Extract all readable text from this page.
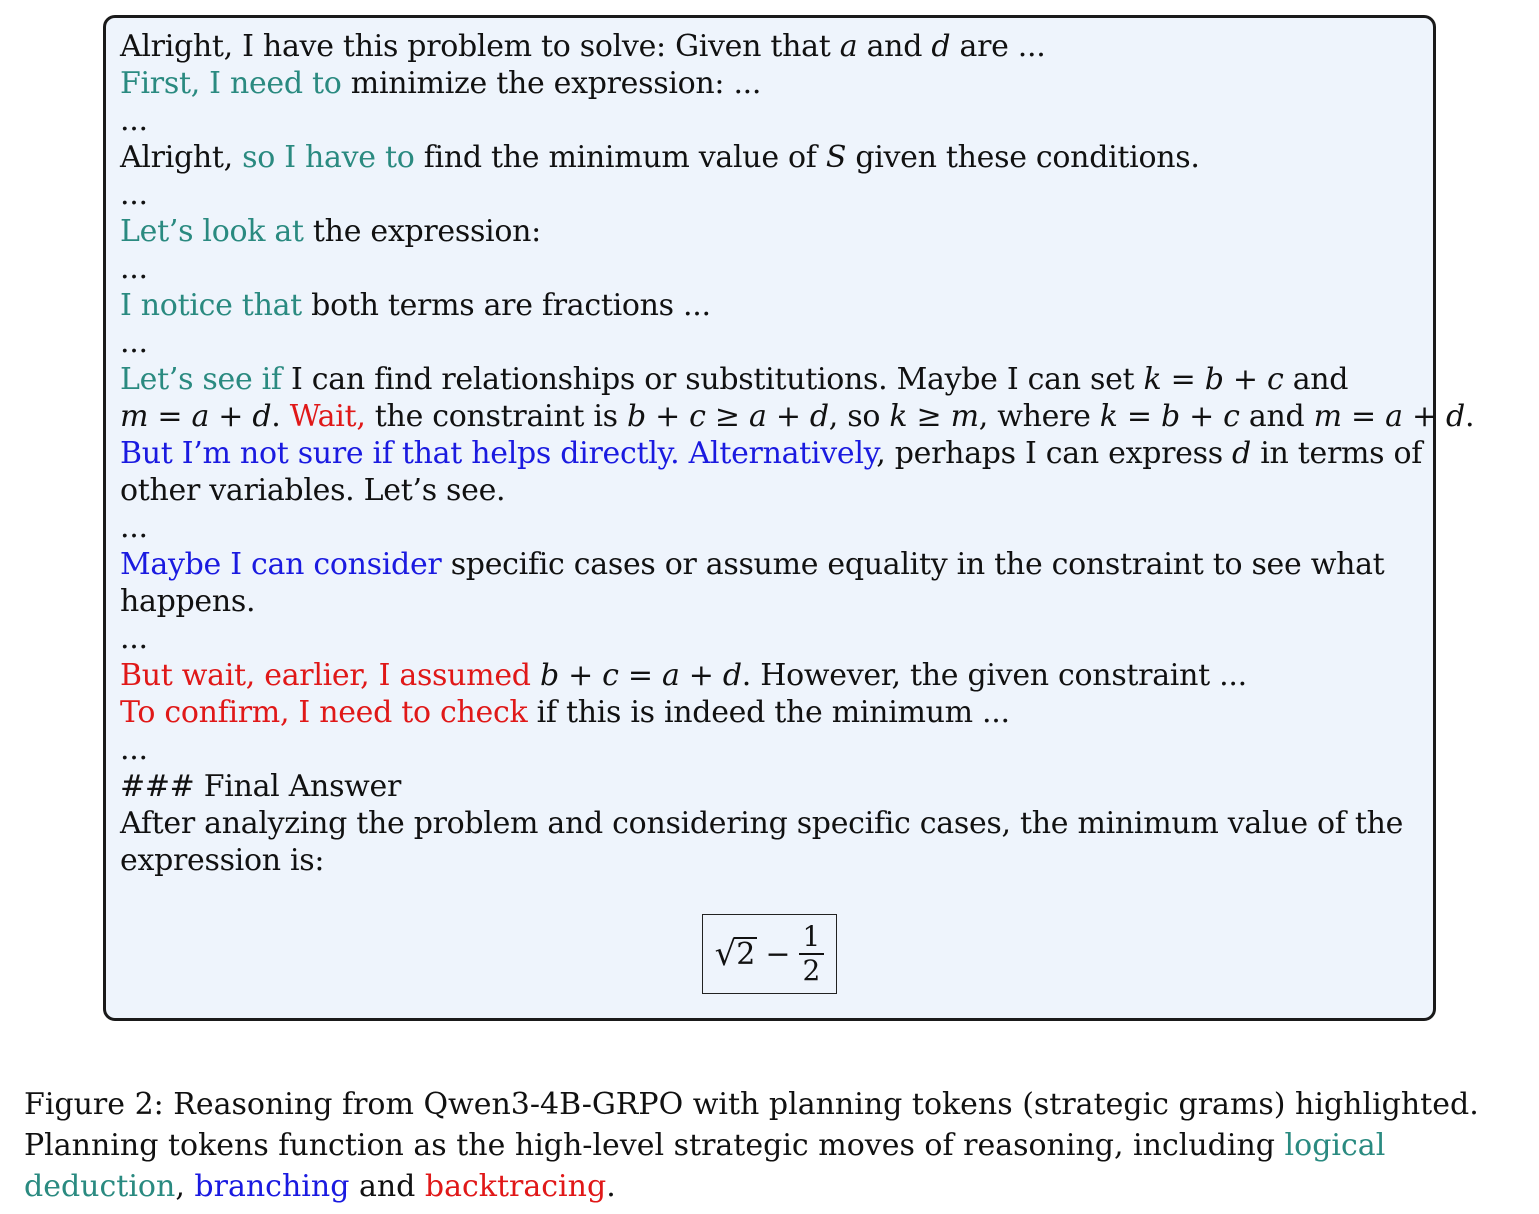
Alright, I have this problem to solve: Given that a and d are ...
First, I need to minimize the expression: ...
...
Alright, so I have to find the minimum value of S given these conditions.
...
Let’s look at the expression:
...
I notice that both terms are fractions ...
...
Let’s see if I can find relationships or substitutions. Maybe I can set k = b + c and
m = a + d. Wait, the constraint is b + c ≥ a + d, so k ≥ m, where k = b + c and m = a + d.
But I’m not sure if that helps directly. Alternatively, perhaps I can express d in terms of
other variables. Let’s see.
...
Maybe I can consider specific cases or assume equality in the constraint to see what
happens.
...
But wait, earlier, I assumed b + c = a + d. However, the given constraint ...
To confirm, I need to check if this is indeed the minimum ...
...
### Final Answer
After analyzing the problem and considering specific cases, the minimum value of the
expression is:
√ $2 - \frac{1}{2}$
Figure 2: Reasoning from Qwen3-4B-GRPO with planning tokens (strategic grams) highlighted. Planning tokens function as the high-level strategic moves of reasoning, including logical deduction, branching and backtracing.
